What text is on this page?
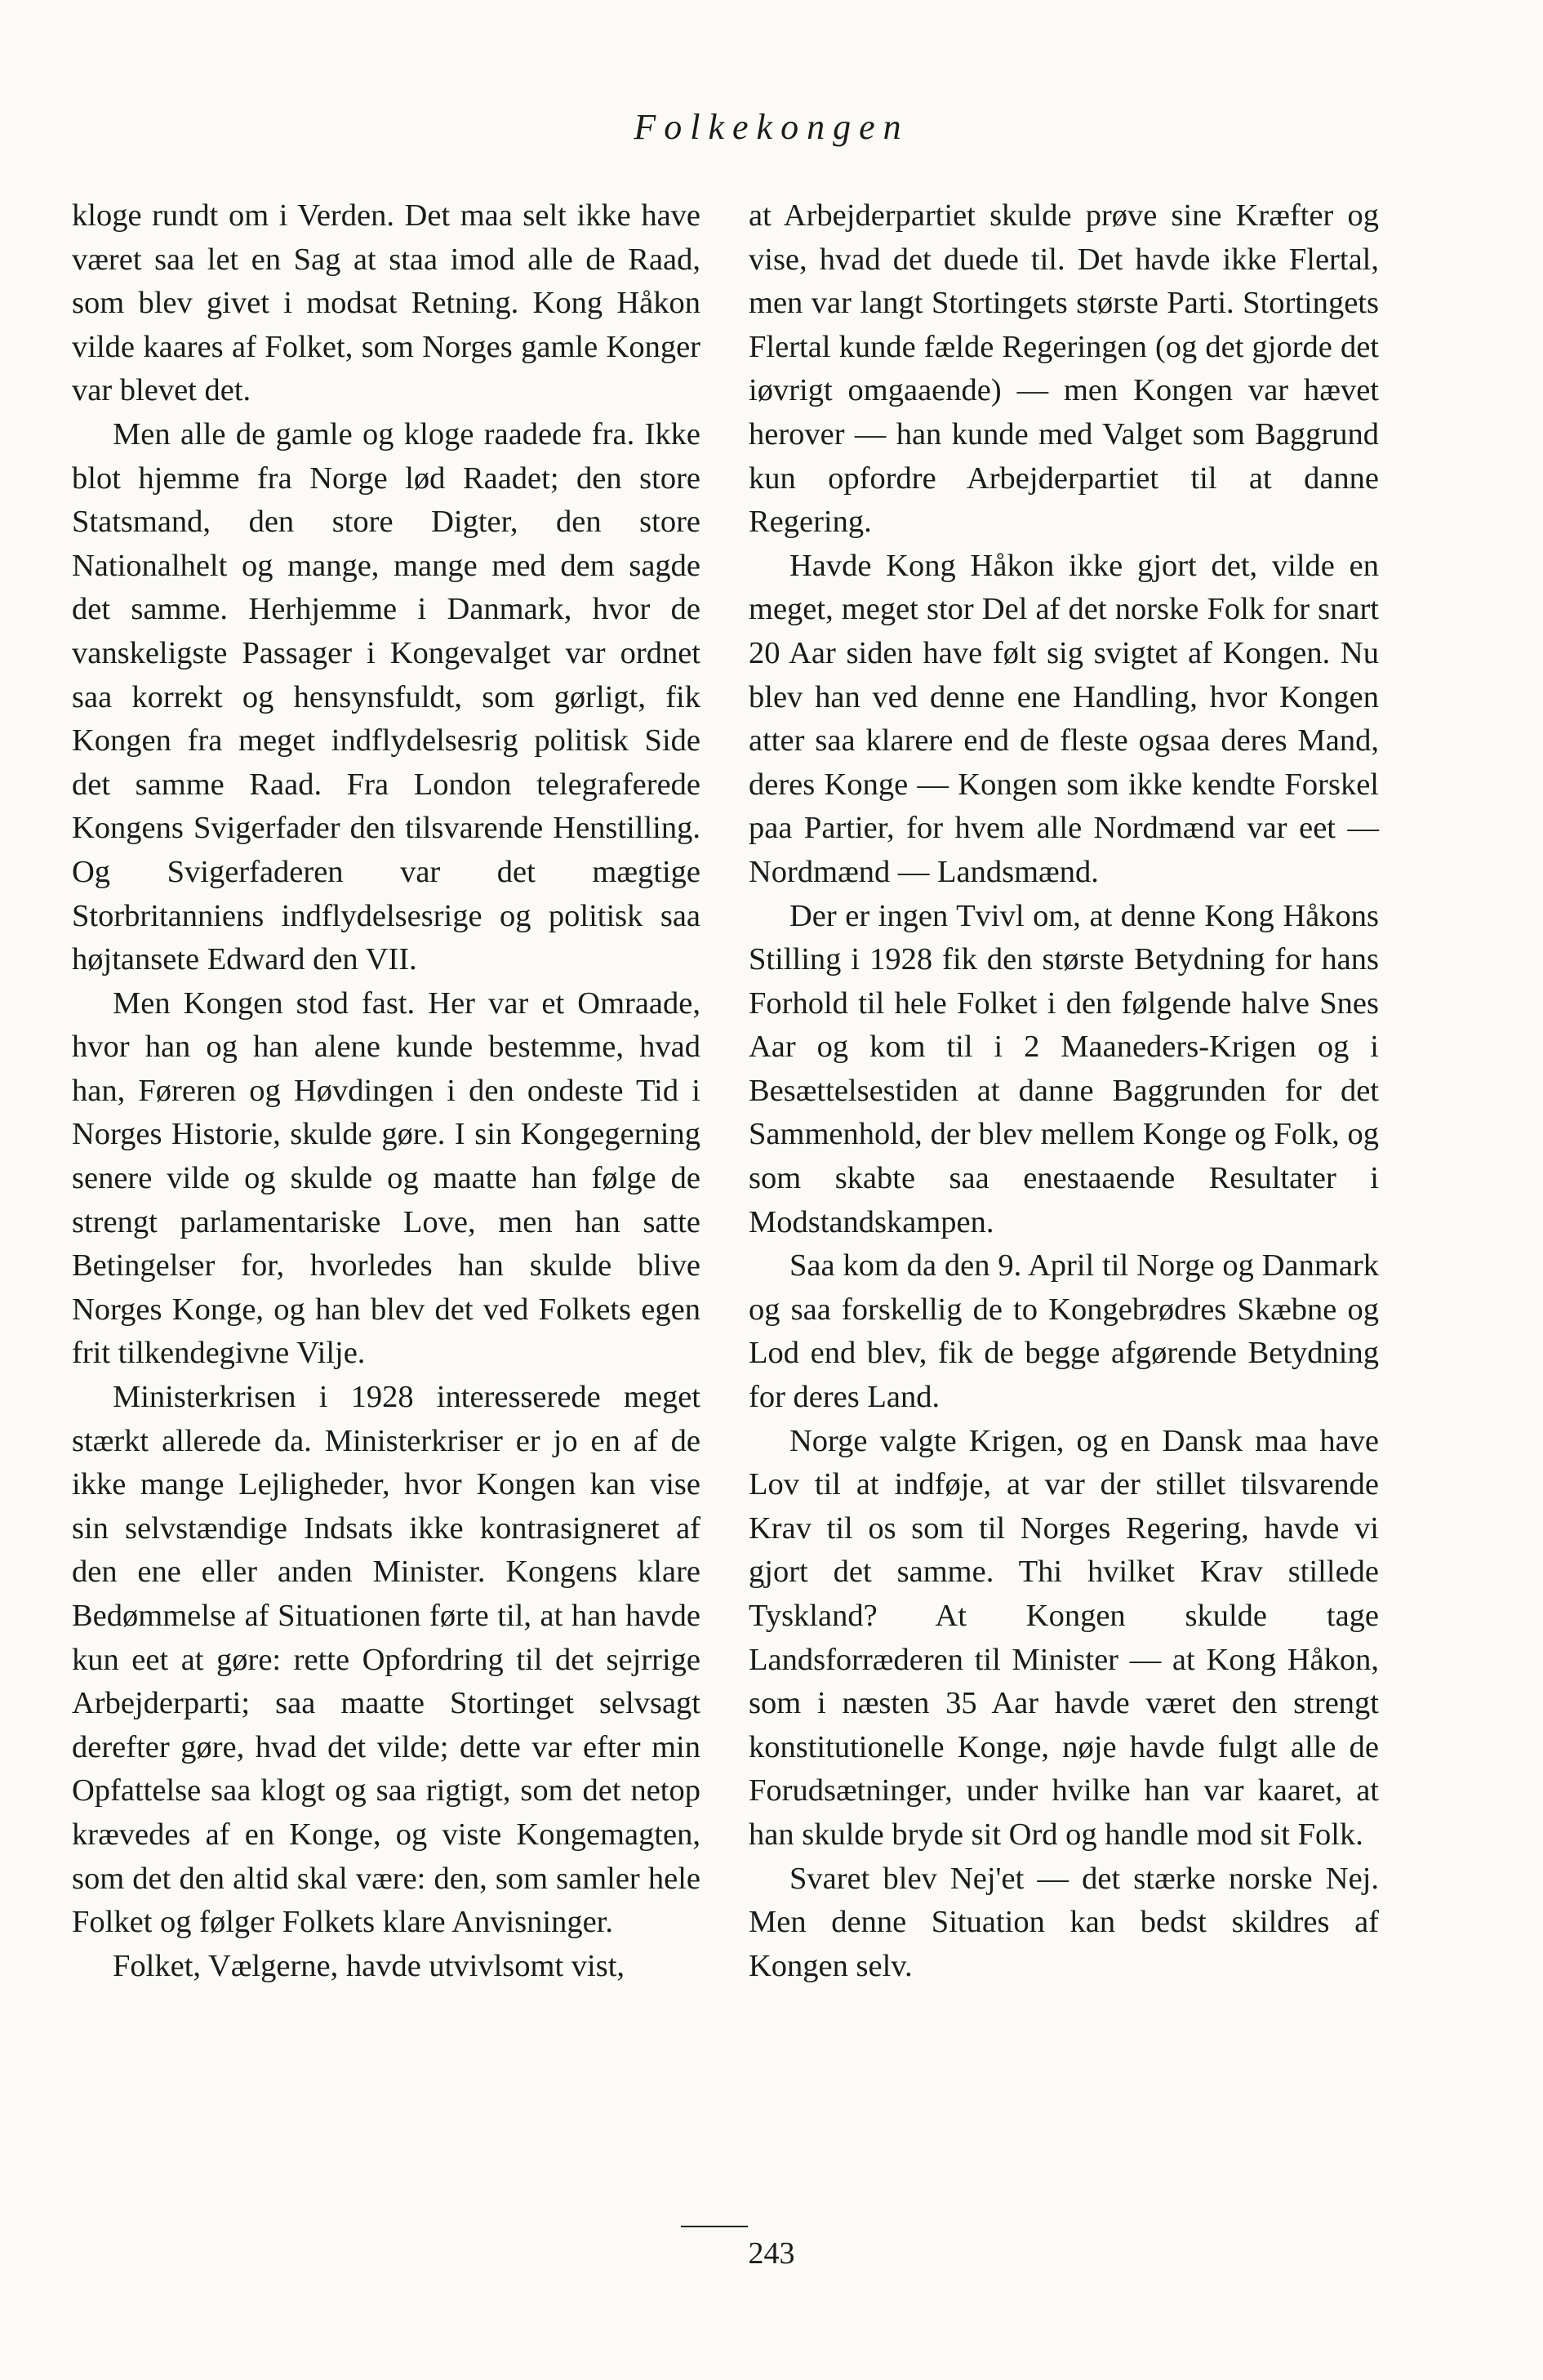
Folkekongen

kloge rundt om i Verden. Det maa selt ikke have været saa let en Sag at staa imod alle de Raad, som blev givet i modsat Retning. Kong Håkon vilde kaares af Folket, som Norges gamle Konger var blevet det.

Men alle de gamle og kloge raadede fra. Ikke blot hjemme fra Norge lød Raadet; den store Statsmand, den store Digter, den store Nationalhelt og mange, mange med dem sagde det samme. Herhjemme i Danmark, hvor de vanskeligste Passager i Kongevalget var ordnet saa korrekt og hensynsfuldt, som gørligt, fik Kongen fra meget indflydelsesrig politisk Side det samme Raad. Fra London telegraferede Kongens Svigerfader den tilsvarende Henstilling. Og Svigerfaderen var det mægtige Storbritanniens indflydelsesrige og politisk saa højtansete Edward den VII.

Men Kongen stod fast. Her var et Omraade, hvor han og han alene kunde bestemme, hvad han, Føreren og Høvdingen i den ondeste Tid i Norges Historie, skulde gøre. I sin Kongegerning senere vilde og skulde og maatte han følge de strengt parlamentariske Love, men han satte Betingelser for, hvorledes han skulde blive Norges Konge, og han blev det ved Folkets egen frit tilkendegivne Vilje.

Ministerkrisen i 1928 interesserede meget stærkt allerede da. Ministerkriser er jo en af de ikke mange Lejligheder, hvor Kongen kan vise sin selvstændige Indsats ikke kontrasigneret af den ene eller anden Minister. Kongens klare Bedømmelse af Situationen førte til, at han havde kun eet at gøre: rette Opfordring til det sejrrige Arbejderparti; saa maatte Stortinget selvsagt derefter gøre, hvad det vilde; dette var efter min Opfattelse saa klogt og saa rigtigt, som det netop krævedes af en Konge, og viste Kongemagten, som det den altid skal være: den, som samler hele Folket og følger Folkets klare Anvisninger.

Folket, Vælgerne, havde utvivlsomt vist,

at Arbejderpartiet skulde prøve sine Kræfter og vise, hvad det duede til. Det havde ikke Flertal, men var langt Stortingets største Parti. Stortingets Flertal kunde fælde Regeringen (og det gjorde det iøvrigt omgaaende) — men Kongen var hævet herover — han kunde med Valget som Baggrund kun opfordre Arbejderpartiet til at danne Regering.

Havde Kong Håkon ikke gjort det, vilde en meget, meget stor Del af det norske Folk for snart 20 Aar siden have følt sig svigtet af Kongen. Nu blev han ved denne ene Handling, hvor Kongen atter saa klarere end de fleste ogsaa deres Mand, deres Konge — Kongen som ikke kendte Forskel paa Partier, for hvem alle Nordmænd var eet — Nordmænd — Landsmænd.

Der er ingen Tvivl om, at denne Kong Håkons Stilling i 1928 fik den største Betydning for hans Forhold til hele Folket i den følgende halve Snes Aar og kom til i 2 Maaneders-Krigen og i Besættelsestiden at danne Baggrunden for det Sammenhold, der blev mellem Konge og Folk, og som skabte saa enestaaende Resultater i Modstandskampen.

Saa kom da den 9. April til Norge og Danmark og saa forskellig de to Kongebrødres Skæbne og Lod end blev, fik de begge afgørende Betydning for deres Land.

Norge valgte Krigen, og en Dansk maa have Lov til at indføje, at var der stillet tilsvarende Krav til os som til Norges Regering, havde vi gjort det samme. Thi hvilket Krav stillede Tyskland? At Kongen skulde tage Landsforræderen til Minister — at Kong Håkon, som i næsten 35 Aar havde været den strengt konstitutionelle Konge, nøje havde fulgt alle de Forudsætninger, under hvilke han var kaaret, at han skulde bryde sit Ord og handle mod sit Folk.

Svaret blev Nej'et — det stærke norske Nej. Men denne Situation kan bedst skildres af Kongen selv.

243
